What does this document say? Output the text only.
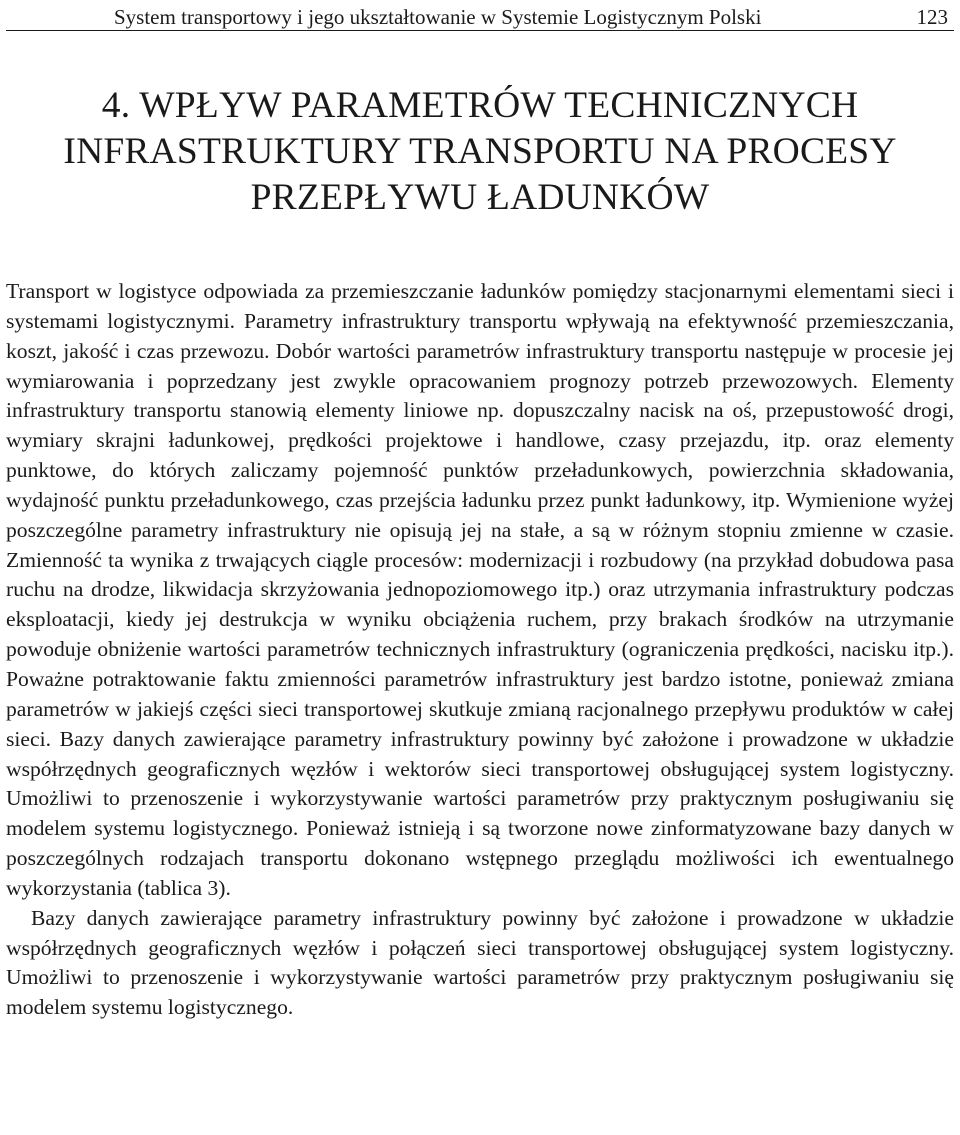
System transportowy i jego ukształtowanie w Systemie Logistycznym Polski	123
4. WPŁYW PARAMETRÓW TECHNICZNYCH
INFRASTRUKTURY TRANSPORTU NA PROCESY
PRZEPŁYWU ŁADUNKÓW

Transport w logistyce odpowiada za przemieszczanie ładunków pomiędzy stacjonarnymi elementami sieci i systemami logistycznymi. Parametry infrastruktury transportu wpływają na efektywność przemieszczania, koszt, jakość i czas przewozu. Dobór wartości parametrów infrastruktury transportu następuje w procesie jej wymiarowania i poprzedzany jest zwykle opracowaniem prognozy potrzeb przewozowych. Elementy infrastruktury transportu stanowią elementy liniowe np. dopuszczalny nacisk na oś, przepustowość drogi, wymiary skrajni ładunkowej, prędkości projektowe i handlowe, czasy przejazdu, itp. oraz elementy punktowe, do których zaliczamy pojemność punktów przeładunkowych, powierzchnia składowania, wydajność punktu przeładunkowego, czas przejścia ładunku przez punkt ładunkowy, itp. Wymienione wyżej poszczególne parametry infrastruktury nie opisują jej na stałe, a są w różnym stopniu zmienne w czasie. Zmienność ta wynika z trwających ciągle procesów: modernizacji i rozbudowy (na przykład dobudowa pasa ruchu na drodze, likwidacja skrzyżowania jednopoziomowego itp.) oraz utrzymania infrastruktury podczas eksploatacji, kiedy jej destrukcja w wyniku obciążenia ruchem, przy brakach środków na utrzymanie powoduje obniżenie wartości parametrów technicznych infrastruktury (ograniczenia prędkości, nacisku itp.). Poważne potraktowanie faktu zmienności parametrów infrastruktury jest bardzo istotne, ponieważ zmiana parametrów w jakiejś części sieci transportowej skutkuje zmianą racjonalnego przepływu produktów w całej sieci. Bazy danych zawierające parametry infrastruktury powinny być założone i prowadzone w układzie współrzędnych geograficznych węzłów i wektorów sieci transportowej obsługującej system logistyczny. Umożliwi to przenoszenie i wykorzystywanie wartości parametrów przy praktycznym posługiwaniu się modelem systemu logistycznego. Ponieważ istnieją i są tworzone nowe zinformatyzowane bazy danych w poszczególnych rodzajach transportu dokonano wstępnego przeglądu możliwości ich ewentualnego wykorzystania (tablica 3).

Bazy danych zawierające parametry infrastruktury powinny być założone i prowadzone w układzie współrzędnych geograficznych węzłów i połączeń sieci transportowej obsługującej system logistyczny. Umożliwi to przenoszenie i wykorzystywanie wartości parametrów przy praktycznym posługiwaniu się modelem systemu logistycznego.
